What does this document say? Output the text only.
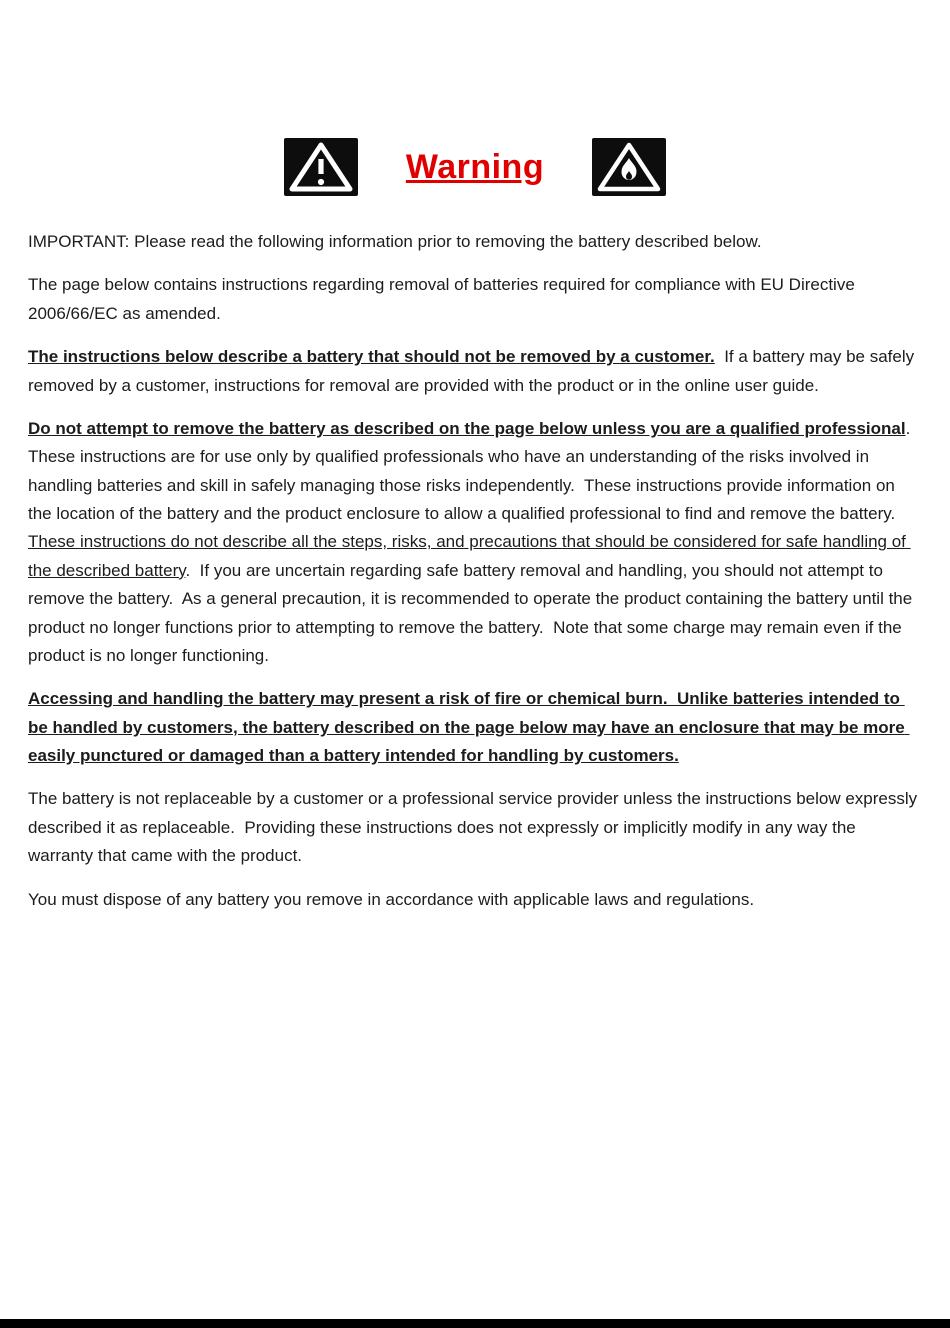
Warning

IMPORTANT: Please read the following information prior to removing the battery described below.

The page below contains instructions regarding removal of batteries required for compliance with EU Directive 2006/66/EC as amended.

The instructions below describe a battery that should not be removed by a customer.  If a battery may be safely removed by a customer, instructions for removal are provided with the product or in the online user guide.

Do not attempt to remove the battery as described on the page below unless you are a qualified professional.  These instructions are for use only by qualified professionals who have an understanding of the risks involved in handling batteries and skill in safely managing those risks independently.  These instructions provide information on the location of the battery and the product enclosure to allow a qualified professional to find and remove the battery.  These instructions do not describe all the steps, risks, and precautions that should be considered for safe handling of the described battery.  If you are uncertain regarding safe battery removal and handling, you should not attempt to remove the battery.  As a general precaution, it is recommended to operate the product containing the battery until the product no longer functions prior to attempting to remove the battery.  Note that some charge may remain even if the product is no longer functioning.

Accessing and handling the battery may present a risk of fire or chemical burn.  Unlike batteries intended to be handled by customers, the battery described on the page below may have an enclosure that may be more easily punctured or damaged than a battery intended for handling by customers.

The battery is not replaceable by a customer or a professional service provider unless the instructions below expressly described it as replaceable.  Providing these instructions does not expressly or implicitly modify in any way the warranty that came with the product.

You must dispose of any battery you remove in accordance with applicable laws and regulations.
